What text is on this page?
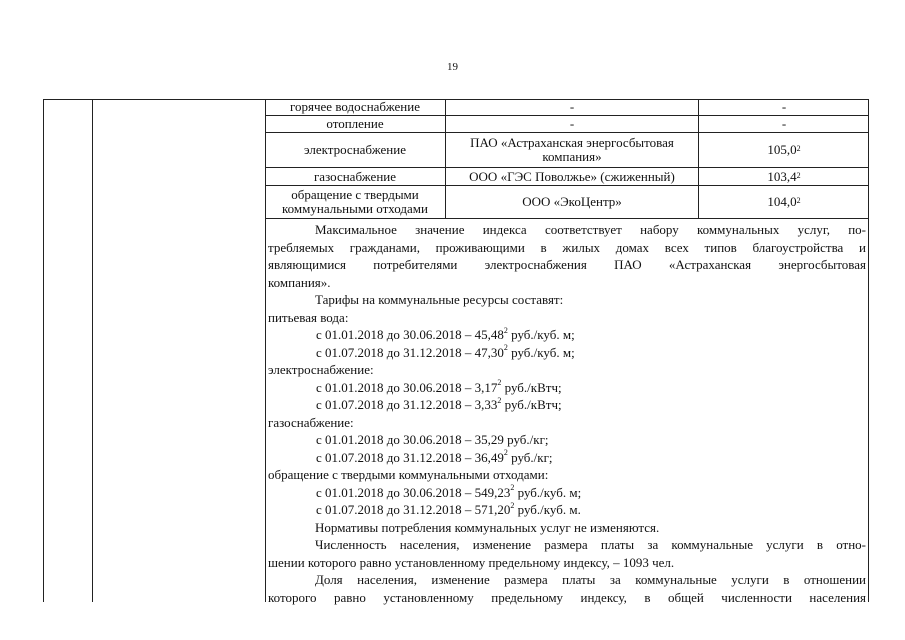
19
горячее водоснабжение	-	-
отопление	-	-
электроснабжение	ПАО «Астраханская энергосбытовая компания»	105,0$^2$
газоснабжение	ООО «ГЭС Поволжье» (сжиженный)	103,4$^2$
обращение с твердыми коммунальными отходами	ООО «ЭкоЦентр»	104,0$^2$
Максимальное значение индекса соответствует набору коммунальных услуг, по-
требляемых гражданами, проживающими в жилых домах всех типов благоустройства и
являющимися потребителями электроснабжения ПАО «Астраханская энергосбытовая
компания».
Тарифы на коммунальные ресурсы составят:
питьевая вода:
с 01.01.2018 до 30.06.2018 – 45,48$^2$ руб./куб. м;
с 01.07.2018 до 31.12.2018 – 47,30$^2$ руб./куб. м;
электроснабжение:
с 01.01.2018 до 30.06.2018 – 3,17$^2$ руб./кВтч;
с 01.07.2018 до 31.12.2018 – 3,33$^2$ руб./кВтч;
газоснабжение:
с 01.01.2018 до 30.06.2018 – 35,29 руб./кг;
с 01.07.2018 до 31.12.2018 – 36,49$^2$ руб./кг;
обращение с твердыми коммунальными отходами:
с 01.01.2018 до 30.06.2018 – 549,23$^2$ руб./куб. м;
с 01.07.2018 до 31.12.2018 – 571,20$^2$ руб./куб. м.
Нормативы потребления коммунальных услуг не изменяются.
Численность населения, изменение размера платы за коммунальные услуги в отно-
шении которого равно установленному предельному индексу, – 1093 чел.
Доля населения, изменение размера платы за коммунальные услуги в отношении
которого равно установленному предельному индексу, в общей численности населения
